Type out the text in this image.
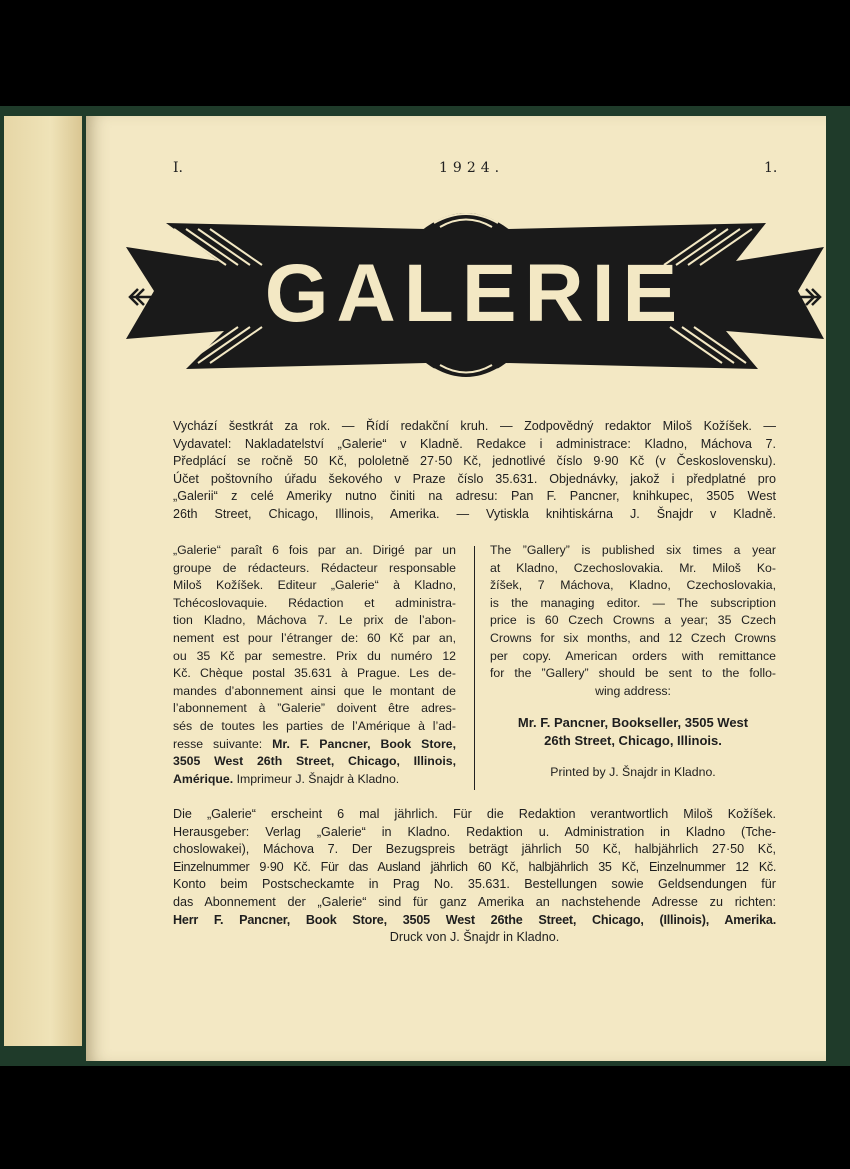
I.	1924.	1.
GALERIE

Vychází šestkrát za rok. — Řídí redakční kruh. — Zodpovědný redaktor Miloš Kožíšek. —

Vydavatel: Nakladatelství „Galerie“ v Kladně. Redakce i administrace: Kladno, Máchova 7.

Předplácí se ročně 50 Kč, pololetně 27·50 Kč, jednotlivé číslo 9·90 Kč (v Československu).

Účet poštovního úřadu šekového v Praze číslo 35.631. Objednávky, jakož i předplatné pro

„Galerii“ z celé Ameriky nutno činiti na adresu: Pan F. Pancner, knihkupec, 3505 West

26th Street, Chicago, Illinois, Amerika. — Vytiskla knihtiskárna J. Šnajdr v Kladně.

„Galerie“ paraît 6 fois par an. Dirigé par un

groupe de rédacteurs. Rédacteur responsable

Miloš Kožíšek. Editeur „Galerie“ à Kladno,

Tchécoslovaquie. Rédaction et administra-

tion Kladno, Máchova 7. Le prix de l’abon-

nement est pour l’étranger de: 60 Kč par an,

ou 35 Kč par semestre. Prix du numéro 12

Kč. Chèque postal 35.631 à Prague. Les de-

mandes d’abonnement ainsi que le montant de

l’abonnement à ”Galerie” doivent être adres-

sés de toutes les parties de l’Amérique à l’ad-

resse suivante: Mr. F. Pancner, Book Store,

3505 West 26th Street, Chicago, Illinois,

Amérique. Imprimeur J. Šnajdr à Kladno.

The ”Gallery” is published six times a year

at Kladno, Czechoslovakia. Mr. Miloš Ko-

žíšek, 7 Máchova, Kladno, Czechoslovakia,

is the managing editor. — The subscription

price is 60 Czech Crowns a year; 35 Czech

Crowns for six months, and 12 Czech Crowns

per copy. American orders with remittance

for the ”Gallery” should be sent to the follo-

wing address:

Mr. F. Pancner, Bookseller, 3505 West

26th Street, Chicago, Illinois.

Printed by J. Šnajdr in Kladno.

Die „Galerie“ erscheint 6 mal jährlich. Für die Redaktion verantwortlich Miloš Kožíšek.

Herausgeber: Verlag „Galerie“ in Kladno. Redaktion u. Administration in Kladno (Tche-

choslowakei), Máchova 7. Der Bezugspreis beträgt jährlich 50 Kč, halbjährlich 27·50 Kč,

Einzelnummer 9·90 Kč. Für das Ausland jährlich 60 Kč, halbjährlich 35 Kč, Einzelnummer 12 Kč.

Konto beim Postscheckamte in Prag No. 35.631. Bestellungen sowie Geldsendungen für

das Abonnement der „Galerie“ sind für ganz Amerika an nachstehende Adresse zu richten:

Herr F. Pancner, Book Store, 3505 West 26the Street, Chicago, (Illinois), Amerika.

Druck von J. Šnajdr in Kladno.
